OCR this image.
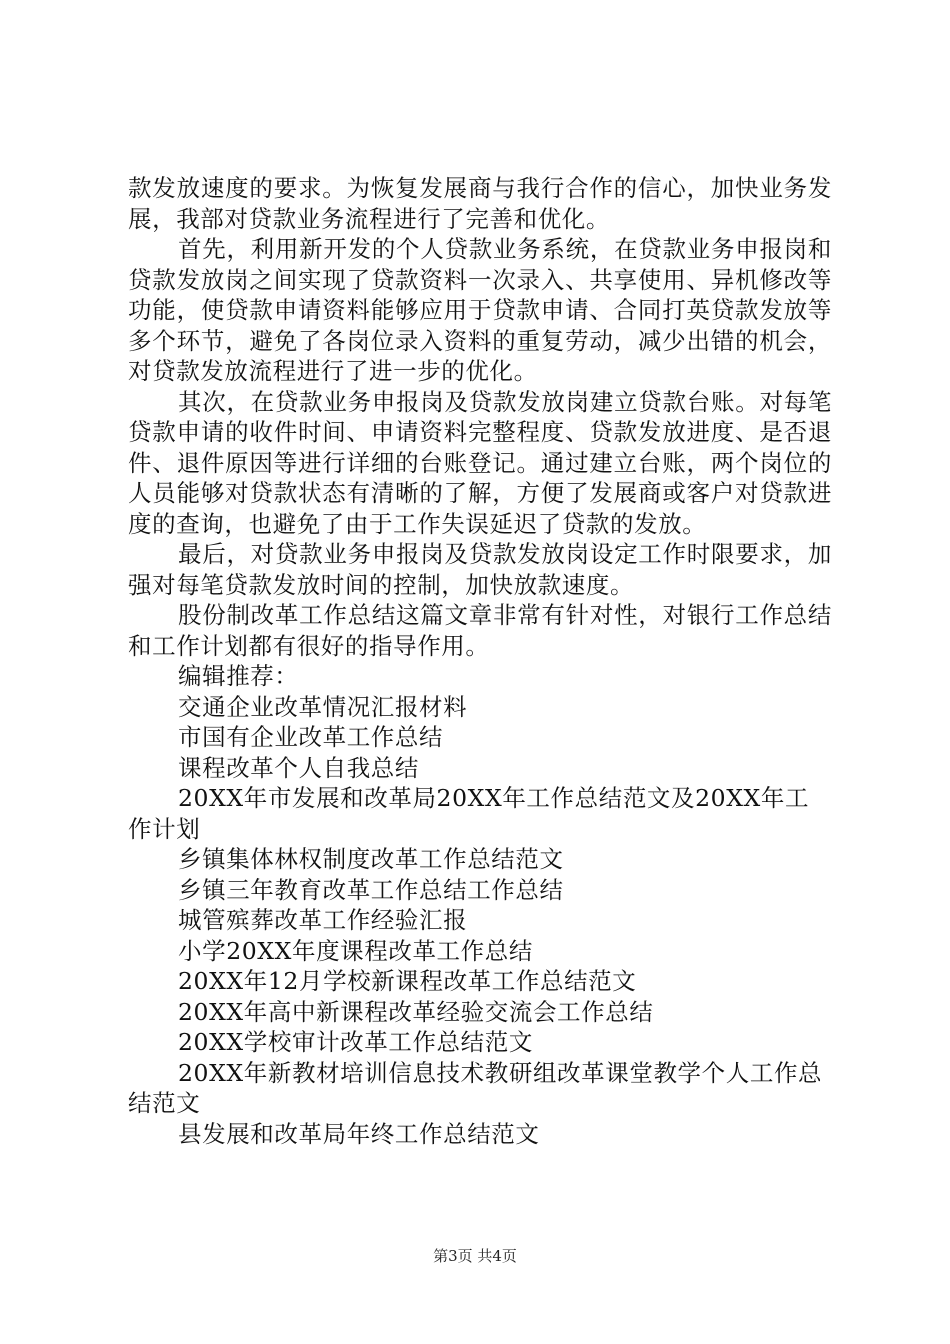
款发放速度的要求。为恢复发展商与我行合作的信心，加快业务发展，我部对贷款业务流程进行了完善和优化。

首先，利用新开发的个人贷款业务系统，在贷款业务申报岗和贷款发放岗之间实现了贷款资料一次录入、共享使用、异机修改等功能，使贷款申请资料能够应用于贷款申请、合同打英贷款发放等多个环节，避免了各岗位录入资料的重复劳动，减少出错的机会，对贷款发放流程进行了进一步的优化。

其次，在贷款业务申报岗及贷款发放岗建立贷款台账。对每笔贷款申请的收件时间、申请资料完整程度、贷款发放进度、是否退件、退件原因等进行详细的台账登记。通过建立台账，两个岗位的人员能够对贷款状态有清晰的了解，方便了发展商或客户对贷款进度的查询，也避免了由于工作失误延迟了贷款的发放。

最后，对贷款业务申报岗及贷款发放岗设定工作时限要求，加强对每笔贷款发放时间的控制，加快放款速度。

股份制改革工作总结这篇文章非常有针对性，对银行工作总结和工作计划都有很好的指导作用。

编辑推荐：

交通企业改革情况汇报材料

市国有企业改革工作总结

课程改革个人自我总结

20XX年市发展和改革局20XX年工作总结范文及20XX年工作计划

乡镇集体林权制度改革工作总结范文

乡镇三年教育改革工作总结工作总结

城管殡葬改革工作经验汇报

小学20XX年度课程改革工作总结

20XX年12月学校新课程改革工作总结范文

20XX年高中新课程改革经验交流会工作总结

20XX学校审计改革工作总结范文

20XX年新教材培训信息技术教研组改革课堂教学个人工作总结范文

县发展和改革局年终工作总结范文

第3页 共4页
